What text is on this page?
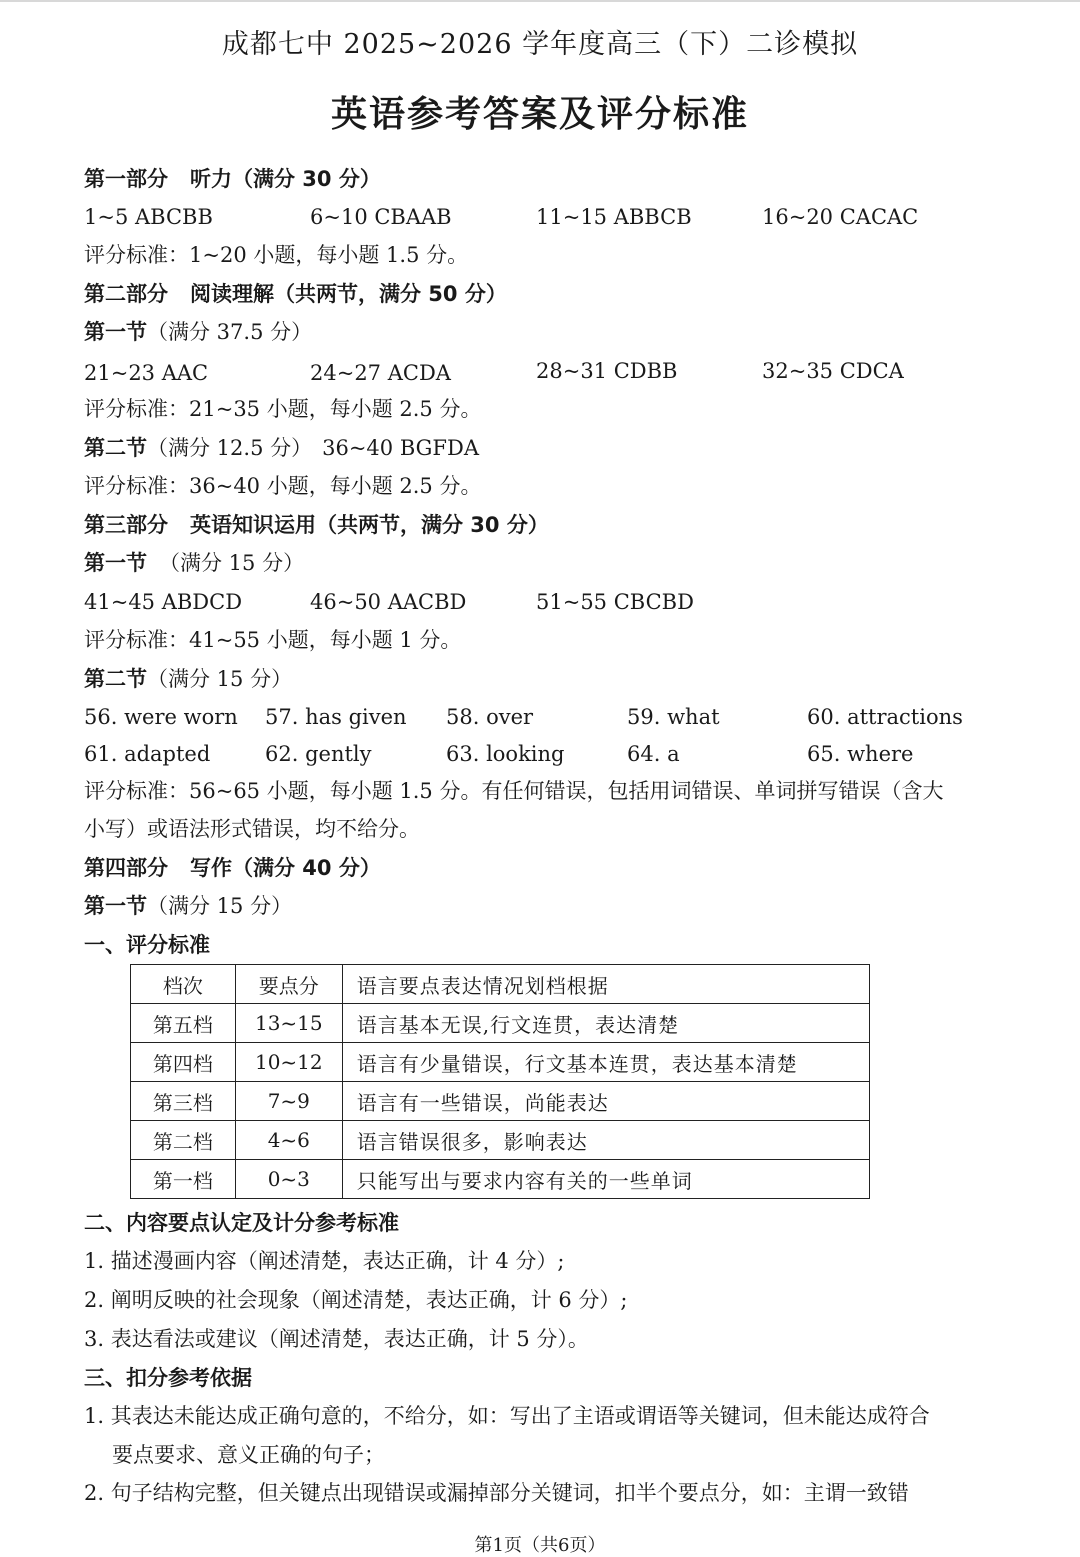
成都七中 2025~2026 学年度高三（下）二诊模拟
英语参考答案及评分标准
第一部分 听力（满分 30 分）
1~5 ABCBB	6~10 CBAAB	11~15 ABBCB	16~20 CACAC
评分标准：1~20 小题，每小题 1.5 分。
第二部分 阅读理解（共两节，满分 50 分）
第一节（满分 37.5 分）
21~23 AAC	24~27 ACDA	28~31 CDBB	32~35 CDCA
评分标准：21~35 小题，每小题 2.5 分。
第二节（满分 12.5 分） 36~40 BGFDA
评分标准：36~40 小题，每小题 2.5 分。
第三部分 英语知识运用（共两节，满分 30 分）
第一节 （满分 15 分）
41~45 ABDCD	46~50 AACBD	51~55 CBCBD
评分标准：41~55 小题，每小题 1 分。
第二节（满分 15 分）
56. were worn 57. has given 58. over	59. what	60. attractions
61. adapted	62. gently	63. looking	64. a	65. where
评分标准：56~65 小题，每小题 1.5 分。有任何错误，包括用词错误、单词拼写错误（含大
小写）或语法形式错误，均不给分。
第四部分 写作（满分 40 分）
第一节（满分 15 分）
一、评分标准
档次	要点分	语言要点表达情况划档根据
第五档	13~15	语言基本无误,行文连贯，表达清楚
第四档	10~12	语言有少量错误，行文基本连贯，表达基本清楚
第三档	7~9	语言有一些错误，尚能表达
第二档	4~6	语言错误很多，影响表达
第一档	0~3	只能写出与要求内容有关的一些单词
二、内容要点认定及计分参考标准
1. 描述漫画内容（阐述清楚，表达正确，计 4 分）;
2. 阐明反映的社会现象（阐述清楚，表达正确，计 6 分）;
3. 表达看法或建议（阐述清楚，表达正确，计 5 分）。
三、扣分参考依据
1. 其表达未能达成正确句意的，不给分，如：写出了主语或谓语等关键词，但未能达成符合
要点要求、意义正确的句子；
2. 句子结构完整，但关键点出现错误或漏掉部分关键词，扣半个要点分，如：主谓一致错
第1页（共6页）
